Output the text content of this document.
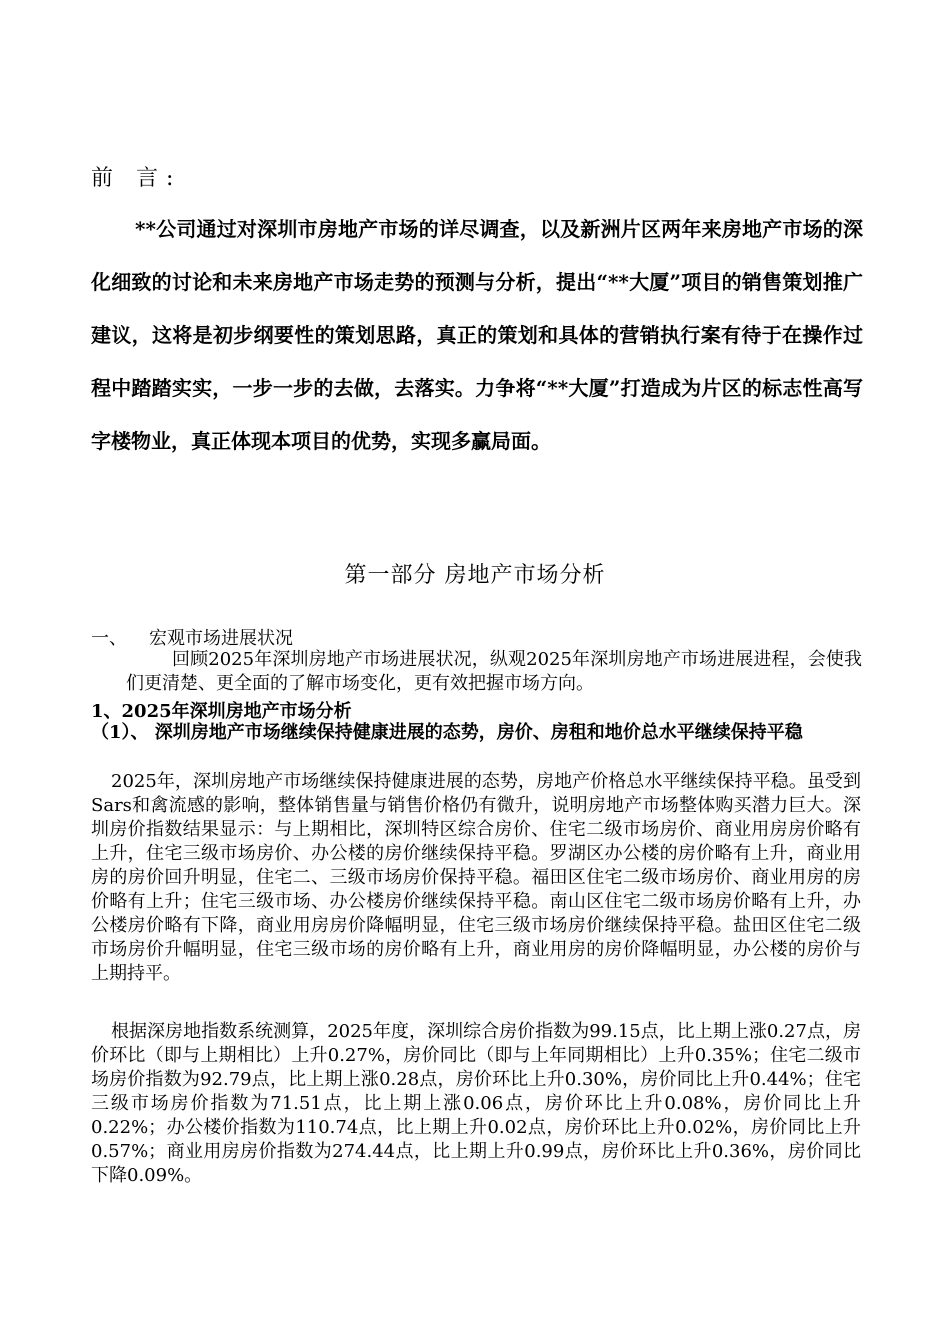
前 言:

**公司通过对深圳市房地产市场的详尽调查，以及新洲片区两年来房地产市场的深化细致的讨论和未来房地产市场走势的预测与分析，提出“**大厦”项目的销售策划推广建议，这将是初步纲要性的策划思路，真正的策划和具体的营销执行案有待于在操作过程中踏踏实实，一步一步的去做，去落实。力争将“**大厦”打造成为片区的标志性高写字楼物业，真正体现本项目的优势，实现多赢局面。

第一部分 房地产市场分析
一、 宏观市场进展状况

回顾2025年深圳房地产市场进展状况，纵观2025年深圳房地产市场进展进程，会使我们更清楚、更全面的了解市场变化，更有效把握市场方向。

1、2025年深圳房地产市场分析
（1）、 深圳房地产市场继续保持健康进展的态势，房价、房租和地价总水平继续保持平稳

2025年，深圳房地产市场继续保持健康进展的态势，房地产价格总水平继续保持平稳。虽受到Sars和禽流感的影响，整体销售量与销售价格仍有微升，说明房地产市场整体购买潜力巨大。深圳房价指数结果显示：与上期相比，深圳特区综合房价、住宅二级市场房价、商业用房房价略有上升，住宅三级市场房价、办公楼的房价继续保持平稳。罗湖区办公楼的房价略有上升，商业用房的房价回升明显，住宅二、三级市场房价保持平稳。福田区住宅二级市场房价、商业用房的房价略有上升；住宅三级市场、办公楼房价继续保持平稳。南山区住宅二级市场房价略有上升，办公楼房价略有下降，商业用房房价降幅明显，住宅三级市场房价继续保持平稳。盐田区住宅二级市场房价升幅明显，住宅三级市场的房价略有上升，商业用房的房价降幅明显，办公楼的房价与上期持平。

根据深房地指数系统测算，2025年度，深圳综合房价指数为99.15点，比上期上涨0.27点，房价环比（即与上期相比）上升0.27%，房价同比（即与上年同期相比）上升0.35%；住宅二级市场房价指数为92.79点，比上期上涨0.28点，房价环比上升0.30%，房价同比上升0.44%；住宅三级市场房价指数为71.51点，比上期上涨0.06点，房价环比上升0.08%，房价同比上升0.22%；办公楼价指数为110.74点，比上期上升0.02点，房价环比上升0.02%，房价同比上升0.57%；商业用房房价指数为274.44点，比上期上升0.99点，房价环比上升0.36%，房价同比下降0.09%。
